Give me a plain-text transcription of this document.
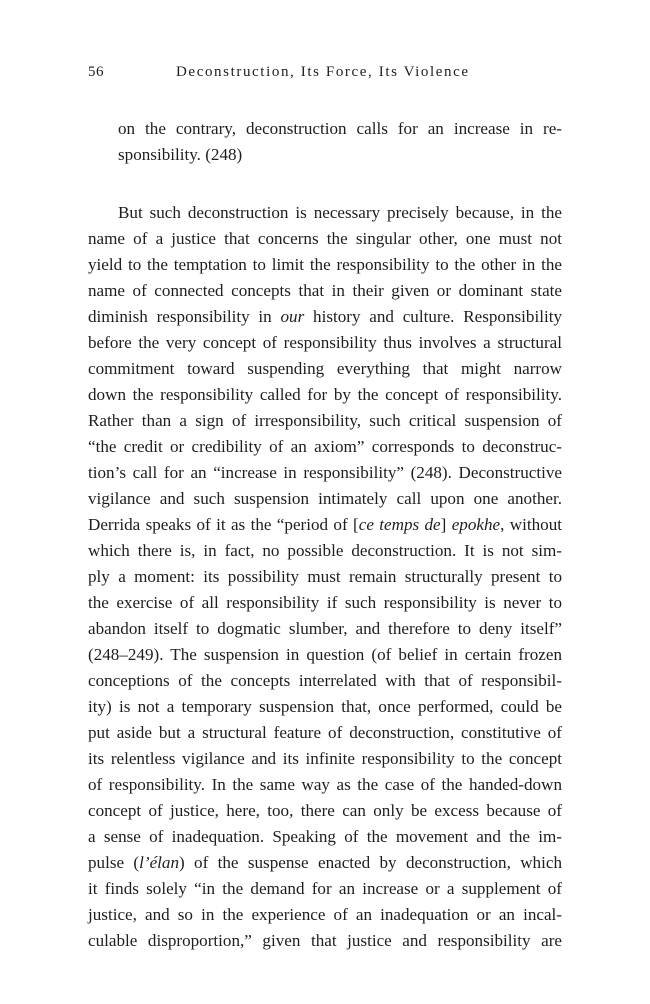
56	Deconstruction, Its Force, Its Violence
on the contrary, deconstruction calls for an increase in re-
sponsibility. (248)
But such deconstruction is necessary precisely because, in the
name of a justice that concerns the singular other, one must not
yield to the temptation to limit the responsibility to the other in the
name of connected concepts that in their given or dominant state
diminish responsibility in our history and culture. Responsibility
before the very concept of responsibility thus involves a structural
commitment toward suspending everything that might narrow
down the responsibility called for by the concept of responsibility.
Rather than a sign of irresponsibility, such critical suspension of
“the credit or credibility of an axiom” corresponds to deconstruc-
tion’s call for an “increase in responsibility” (248). Deconstructive
vigilance and such suspension intimately call upon one another.
Derrida speaks of it as the “period of [ce temps de] epokhe, without
which there is, in fact, no possible deconstruction. It is not sim-
ply a moment: its possibility must remain structurally present to
the exercise of all responsibility if such responsibility is never to
abandon itself to dogmatic slumber, and therefore to deny itself”
(248–249). The suspension in question (of belief in certain frozen
conceptions of the concepts interrelated with that of responsibil-
ity) is not a temporary suspension that, once performed, could be
put aside but a structural feature of deconstruction, constitutive of
its relentless vigilance and its infinite responsibility to the concept
of responsibility. In the same way as the case of the handed-down
concept of justice, here, too, there can only be excess because of
a sense of inadequation. Speaking of the movement and the im-
pulse (l’élan) of the suspense enacted by deconstruction, which
it finds solely “in the demand for an increase or a supplement of
justice, and so in the experience of an inadequation or an incal-
culable disproportion,” given that justice and responsibility are
